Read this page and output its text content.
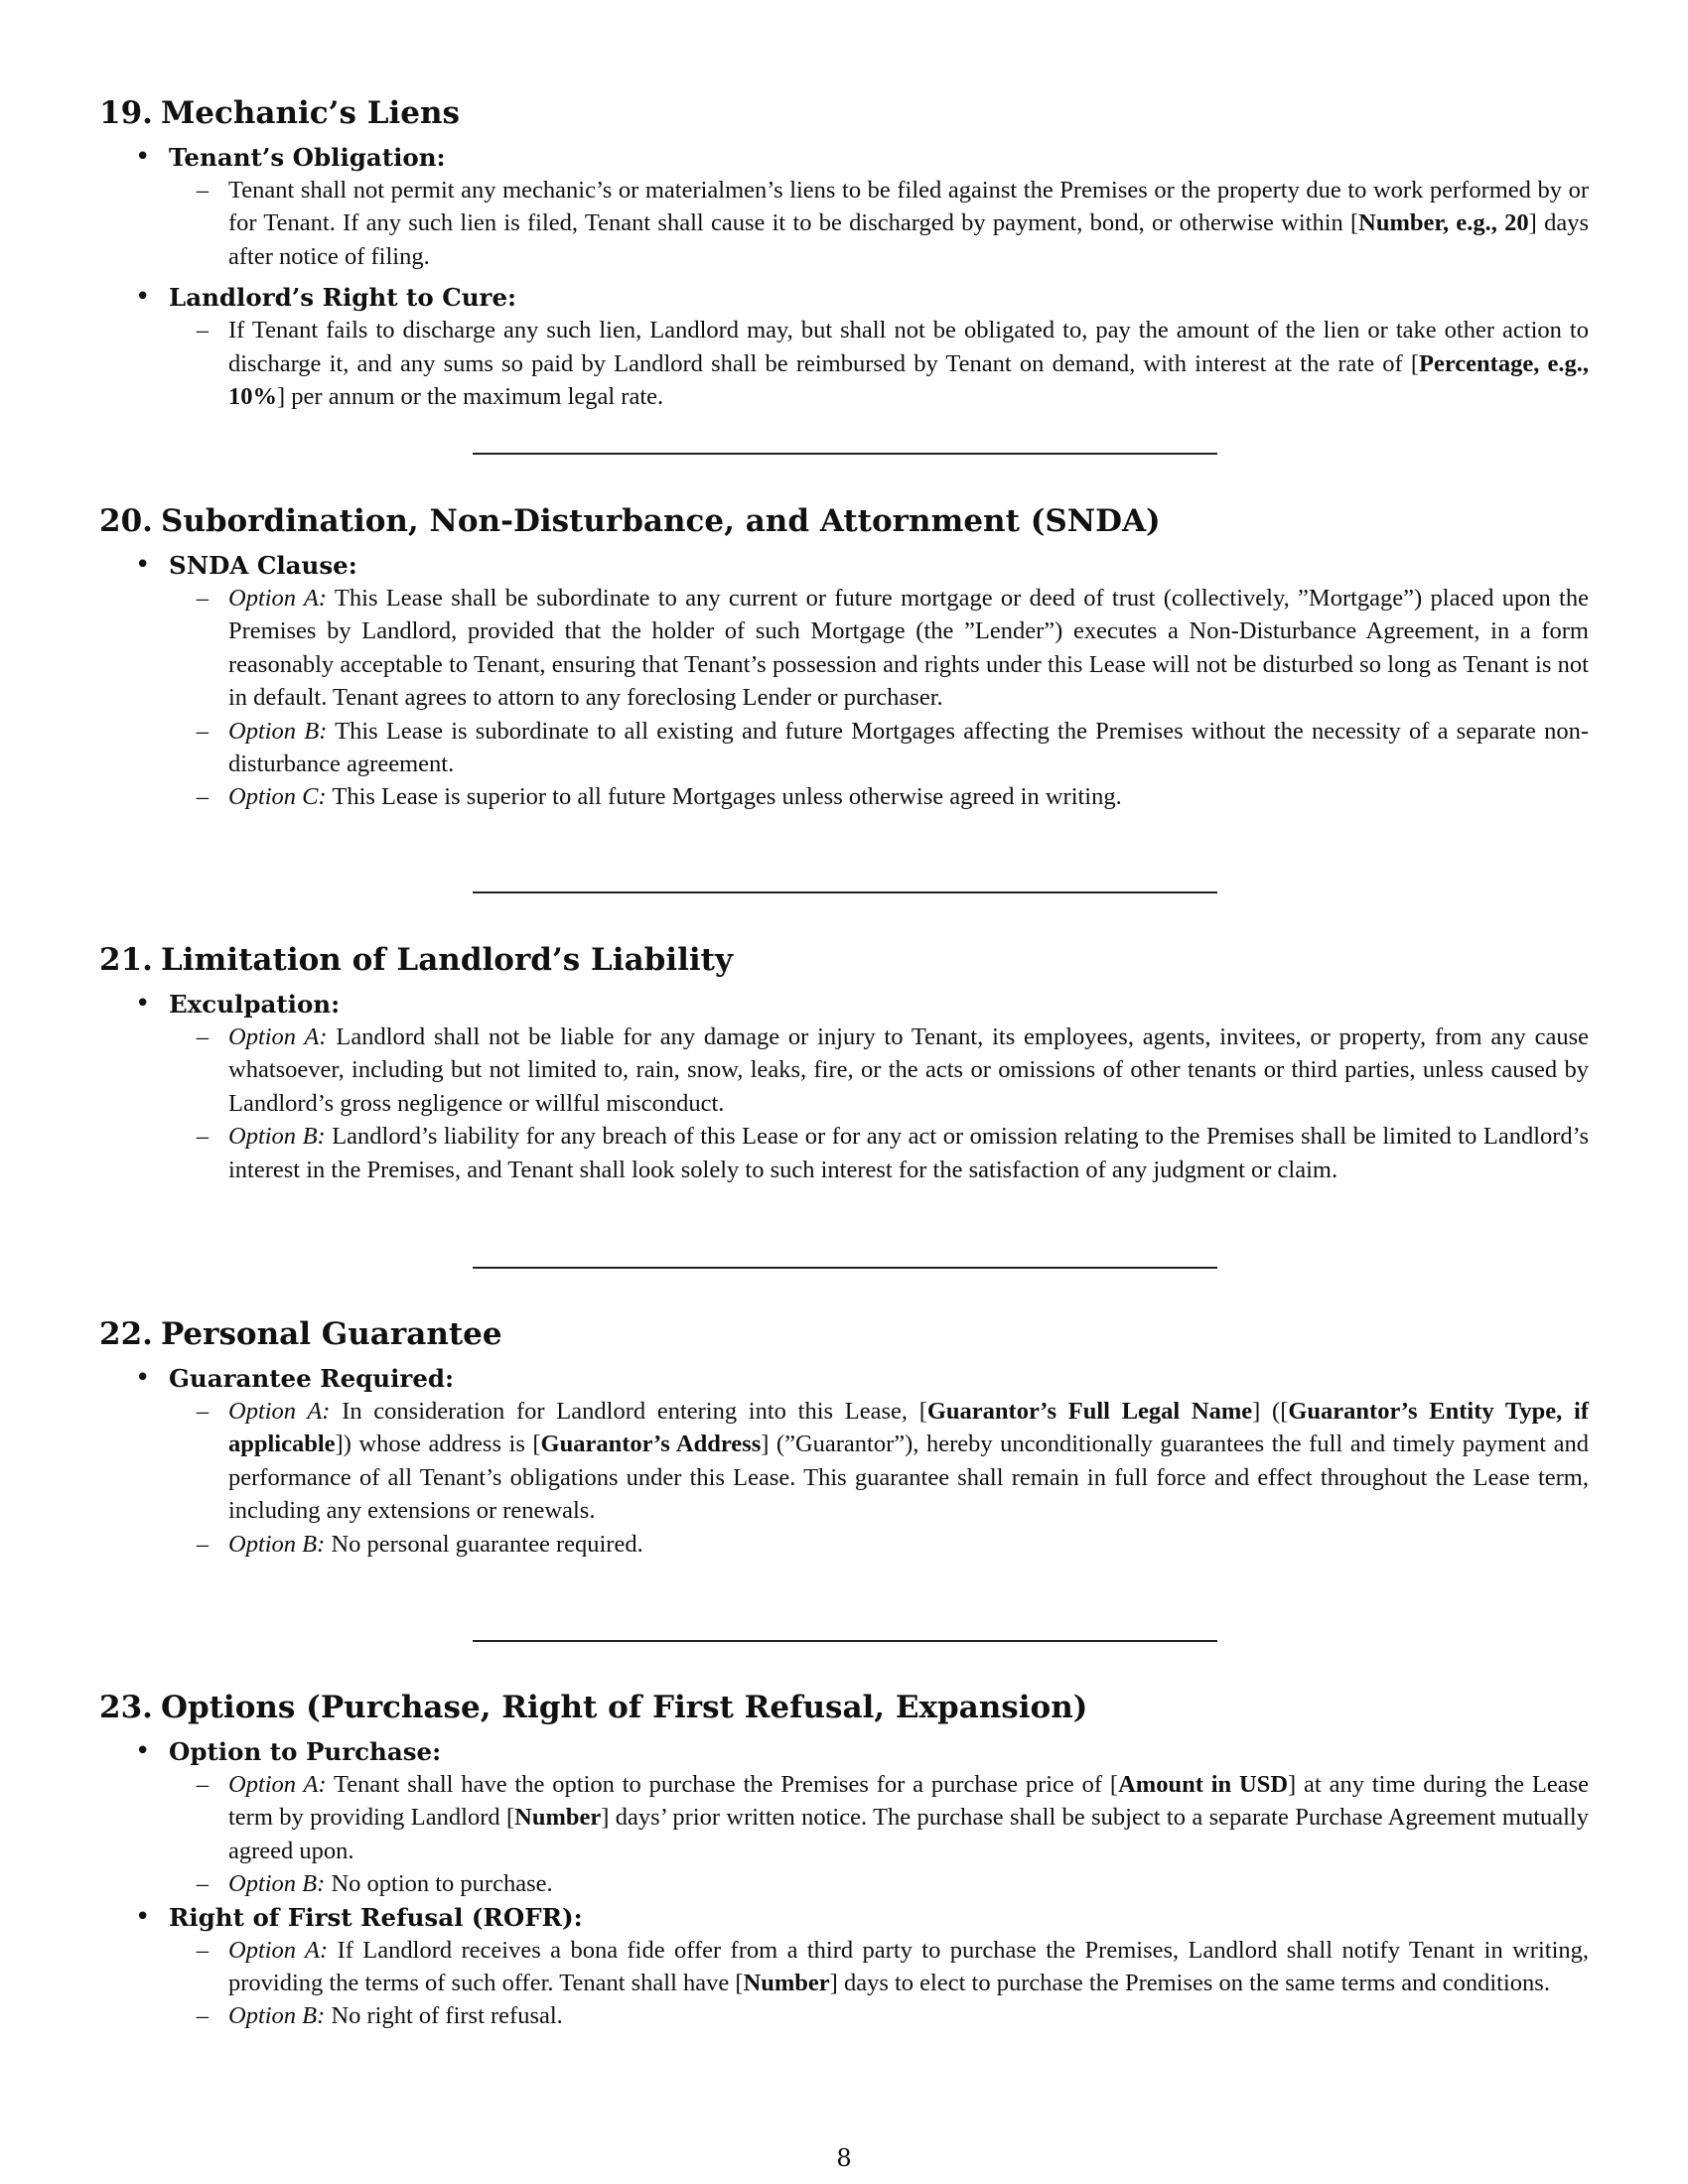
19. Mechanic’s Liens
• Tenant’s Obligation:
–
Tenant shall not permit any mechanic’s or materialmen’s liens to be filed against the Premises or the property due to work performed by or for Tenant. If any such lien is filed, Tenant shall cause it to be discharged by payment, bond, or otherwise within [Number, e.g., 20] days after notice of filing.
• Landlord’s Right to Cure:
–
If Tenant fails to discharge any such lien, Landlord may, but shall not be obligated to, pay the amount of the lien or take other action to discharge it, and any sums so paid by Landlord shall be reimbursed by Tenant on demand, with interest at the rate of [Percentage, e.g., 10%] per annum or the maximum legal rate.
20. Subordination, Non-Disturbance, and Attornment (SNDA)
• SNDA Clause:
–
Option A: This Lease shall be subordinate to any current or future mortgage or deed of trust (collectively, ”Mortgage”) placed upon the Premises by Landlord, provided that the holder of such Mortgage (the ”Lender”) executes a Non-Disturbance Agreement, in a form reasonably acceptable to Tenant, ensuring that Tenant’s possession and rights under this Lease will not be disturbed so long as Tenant is not in default. Tenant agrees to attorn to any foreclosing Lender or purchaser.
–
Option B: This Lease is subordinate to all existing and future Mortgages affecting the Premises without the necessity of a separate non-disturbance agreement.
–
Option C: This Lease is superior to all future Mortgages unless otherwise agreed in writing.
21. Limitation of Landlord’s Liability
• Exculpation:
–
Option A: Landlord shall not be liable for any damage or injury to Tenant, its employees, agents, invitees, or property, from any cause whatsoever, including but not limited to, rain, snow, leaks, fire, or the acts or omissions of other tenants or third parties, unless caused by Landlord’s gross negligence or willful misconduct.
–
Option B: Landlord’s liability for any breach of this Lease or for any act or omission relating to the Premises shall be limited to Landlord’s interest in the Premises, and Tenant shall look solely to such interest for the satisfaction of any judgment or claim.
22. Personal Guarantee
• Guarantee Required:
–
Option A: In consideration for Landlord entering into this Lease, [Guarantor’s Full Legal Name] ([Guarantor’s Entity Type, if applicable]) whose address is [Guarantor’s Address] (”Guarantor”), hereby unconditionally guarantees the full and timely payment and performance of all Tenant’s obligations under this Lease. This guarantee shall remain in full force and effect throughout the Lease term, including any extensions or renewals.
–
Option B: No personal guarantee required.
23. Options (Purchase, Right of First Refusal, Expansion)
• Option to Purchase:
–
Option A: Tenant shall have the option to purchase the Premises for a purchase price of [Amount in USD] at any time during the Lease term by providing Landlord [Number] days’ prior written notice. The purchase shall be subject to a separate Purchase Agreement mutually agreed upon.
–
Option B: No option to purchase.
• Right of First Refusal (ROFR):
–
Option A: If Landlord receives a bona fide offer from a third party to purchase the Premises, Landlord shall notify Tenant in writing, providing the terms of such offer. Tenant shall have [Number] days to elect to purchase the Premises on the same terms and conditions.
–
Option B: No right of first refusal.
8
